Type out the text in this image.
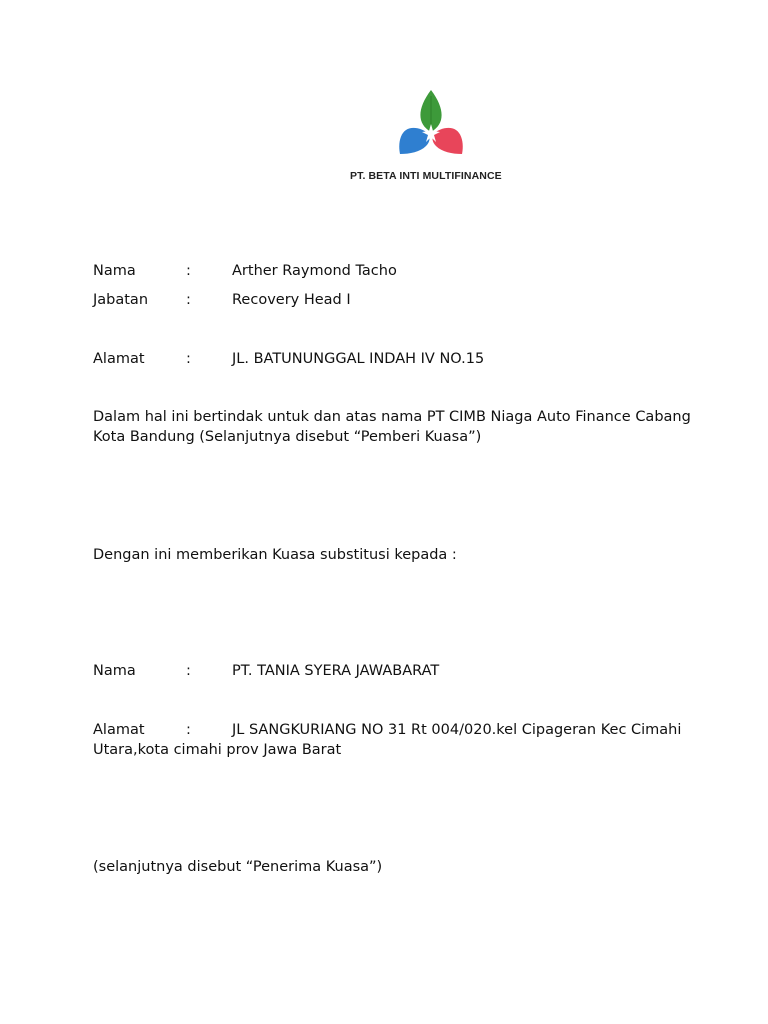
PT. BETA INTI MULTIFINANCE
Nama	:	Arther Raymond Tacho
Jabatan	:	Recovery Head I
Alamat	:	JL. BATUNUNGGAL INDAH IV NO.15
Dalam hal ini bertindak untuk dan atas nama PT CIMB Niaga Auto Finance Cabang Kota Bandung (Selanjutnya disebut “Pemberi Kuasa”)
Dengan ini memberikan Kuasa substitusi kepada :
Nama	:	PT. TANIA SYERA JAWABARAT
Alamat	:	JL SANGKURIANG NO 31 Rt 004/020.kel Cipageran Kec Cimahi Utara,kota cimahi prov Jawa Barat
(selanjutnya disebut “Penerima Kuasa”)
